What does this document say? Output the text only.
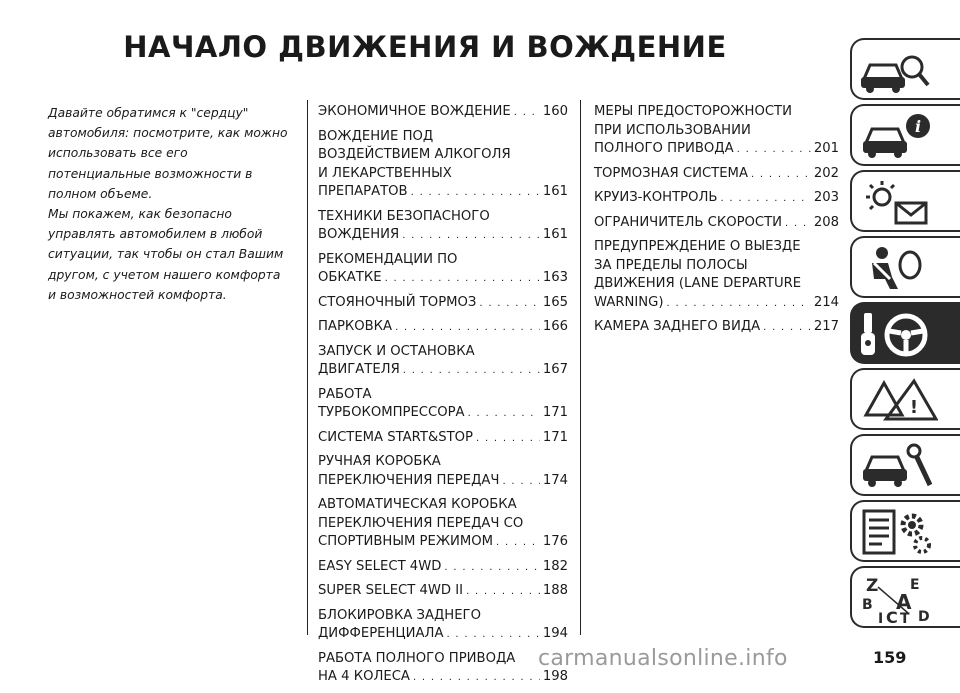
НАЧАЛО ДВИЖЕНИЯ И ВОЖДЕНИЕ

Давайте обратимся к "сердцу" автомобиля: посмотрите, как можно использовать все его потенциальные возможности в полном объеме.

Мы покажем, как безопасно управлять автомобилем в любой ситуации, так чтобы он стал Вашим другом, с учетом нашего комфорта и возможностей комфорта.

ЭКОНОМИЧНОЕ ВОЖДЕНИЕ . . . 160
ВОЖДЕНИЕ ПОД
ВОЗДЕЙСТВИЕМ АЛКОГОЛЯ
И ЛЕКАРСТВЕННЫХ
ПРЕПАРАТОВ . . .	161
ТЕХНИКИ БЕЗОПАСНОГО
ВОЖДЕНИЯ . . .	161
РЕКОМЕНДАЦИИ ПО
ОБКАТКЕ . . .	163
СТОЯНОЧНЫЙ ТОРМОЗ . . .	165
ПАРКОВКА . . .	166
ЗАПУСК И ОСТАНОВКА
ДВИГАТЕЛЯ . . .	167
РАБОТА
ТУРБОКОМПРЕССОРА . . .	171
СИСТЕМА START&STOP . . .	171
РУЧНАЯ КОРОБКА
ПЕРЕКЛЮЧЕНИЯ ПЕРЕДАЧ . . .	174
АВТОМАТИЧЕСКАЯ КОРОБКА
ПЕРЕКЛЮЧЕНИЯ ПЕРЕДАЧ СО
СПОРТИВНЫМ РЕЖИМОМ . . .	176
EASY SELECT 4WD . . .	182
SUPER SELECT 4WD II . . .	188
БЛОКИРОВКА ЗАДНЕГО
ДИФФЕРЕНЦИАЛА . . .	194
РАБОТА ПОЛНОГО ПРИВОДА
НА 4 КОЛЕСА . . .	198
МЕРЫ ПРЕДОСТОРОЖНОСТИ
ПРИ ИСПОЛЬЗОВАНИИ
ПОЛНОГО ПРИВОДА . . .	201
ТОРМОЗНАЯ СИСТЕМА . . .	202
КРУИЗ-КОНТРОЛЬ . . .	203
ОГРАНИЧИТЕЛЬ СКОРОСТИ . . . 208
ПРЕДУПРЕЖДЕНИЕ О ВЫЕЗДЕ
ЗА ПРЕДЕЛЫ ПОЛОСЫ
ДВИЖЕНИЯ (LANE DEPARTURE
WARNING) . . .	214
КАМЕРА ЗАДНЕГО ВИДА . . .	217
i
!
Z E
B A
I C T D
carmanualsonline.info	159
